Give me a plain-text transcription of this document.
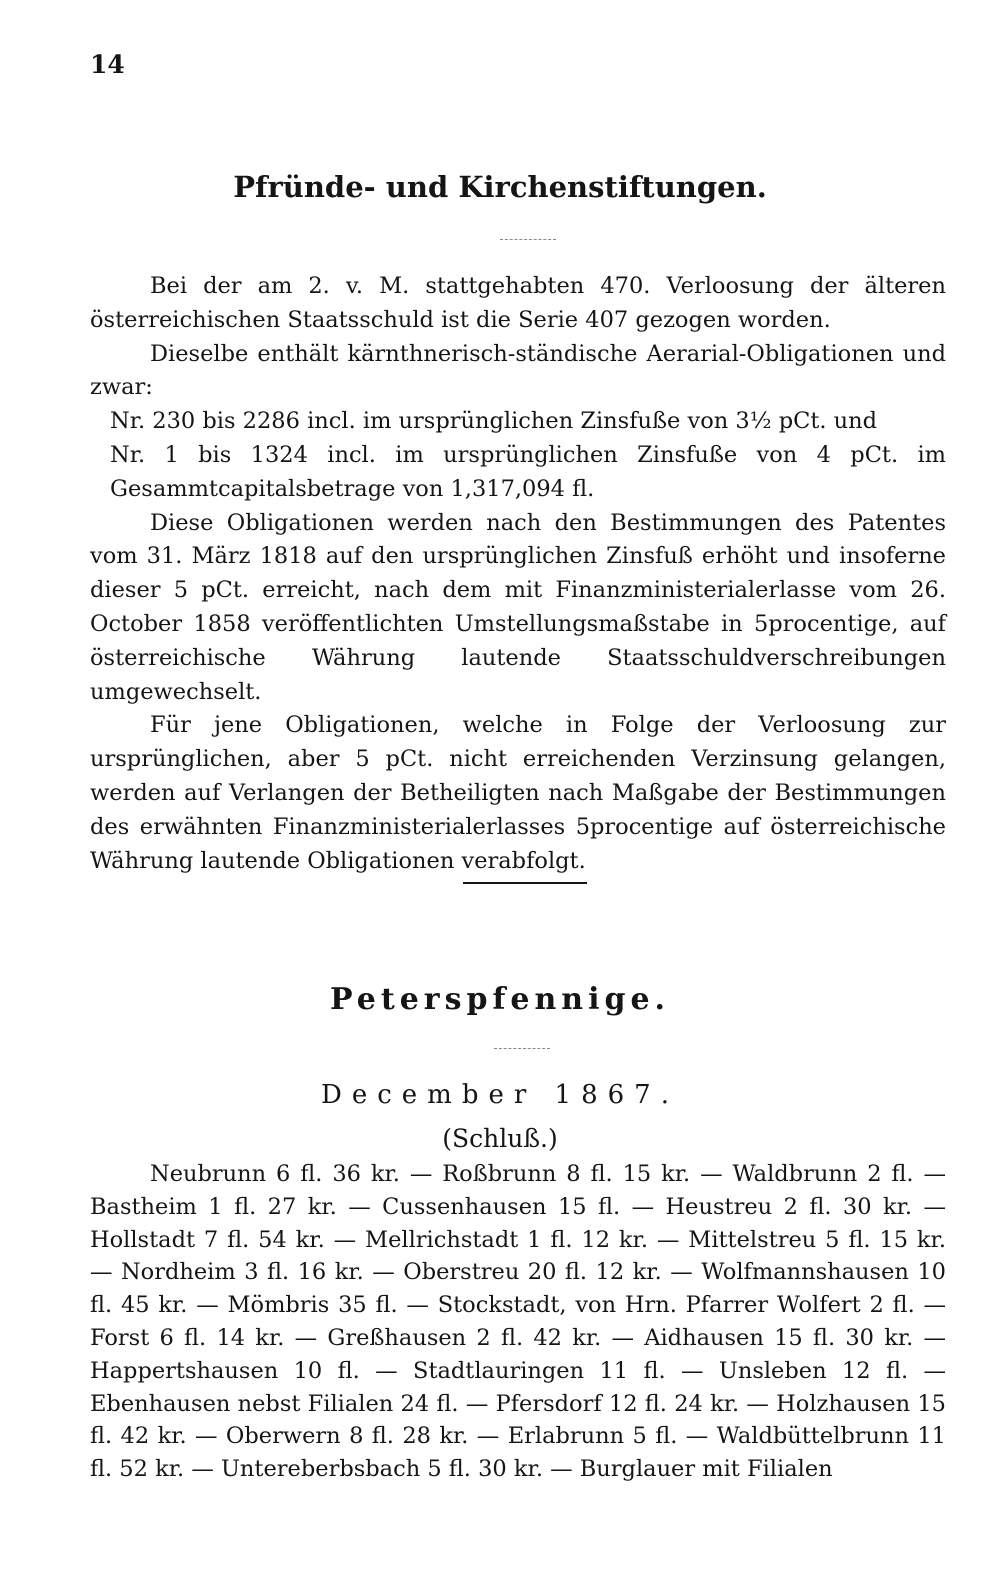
14
Pfründe- und Kirchenstiftungen.

Bei der am 2. v. M. stattgehabten 470. Verloosung der älteren österreichischen Staatsschuld ist die Serie 407 gezogen worden.

Dieselbe enthält kärnthnerisch-ständische Aerarial-Obligationen und zwar:

Nr. 230 bis 2286 incl. im ursprünglichen Zinsfuße von 3½ pCt. und

Nr. 1 bis 1324 incl. im ursprünglichen Zinsfuße von 4 pCt. im Gesammtcapitalsbetrage von 1,317,094 fl.

Diese Obligationen werden nach den Bestimmungen des Patentes vom 31. März 1818 auf den ursprünglichen Zinsfuß erhöht und insoferne dieser 5 pCt. erreicht, nach dem mit Finanzministerialerlasse vom 26. October 1858 veröffentlichten Umstellungsmaßstabe in 5procentige, auf österreichische Währung lautende Staatsschuldverschreibungen umgewechselt.

Für jene Obligationen, welche in Folge der Verloosung zur ursprünglichen, aber 5 pCt. nicht erreichenden Verzinsung gelangen, werden auf Verlangen der Betheiligten nach Maßgabe der Bestimmungen des erwähnten Finanzministerialerlasses 5procentige auf österreichische Währung lautende Obligationen verabfolgt.

Peterspfennige.
December 1867.
(Schluß.)

Neubrunn 6 fl. 36 kr. — Roßbrunn 8 fl. 15 kr. — Waldbrunn 2 fl. — Bastheim 1 fl. 27 kr. — Cussenhausen 15 fl. — Heustreu 2 fl. 30 kr. — Hollstadt 7 fl. 54 kr. — Mellrichstadt 1 fl. 12 kr. — Mittelstreu 5 fl. 15 kr. — Nordheim 3 fl. 16 kr. — Oberstreu 20 fl. 12 kr. — Wolfmannshausen 10 fl. 45 kr. — Mömbris 35 fl. — Stockstadt, von Hrn. Pfarrer Wolfert 2 fl. — Forst 6 fl. 14 kr. — Greßhausen 2 fl. 42 kr. — Aidhausen 15 fl. 30 kr. — Happertshausen 10 fl. — Stadtlauringen 11 fl. — Unsleben 12 fl. — Ebenhausen nebst Filialen 24 fl. — Pfersdorf 12 fl. 24 kr. — Holzhausen 15 fl. 42 kr. — Oberwern 8 fl. 28 kr. — Erlabrunn 5 fl. — Waldbüttelbrunn 11 fl. 52 kr. — Untereberbsbach 5 fl. 30 kr. — Burglauer mit Filialen
